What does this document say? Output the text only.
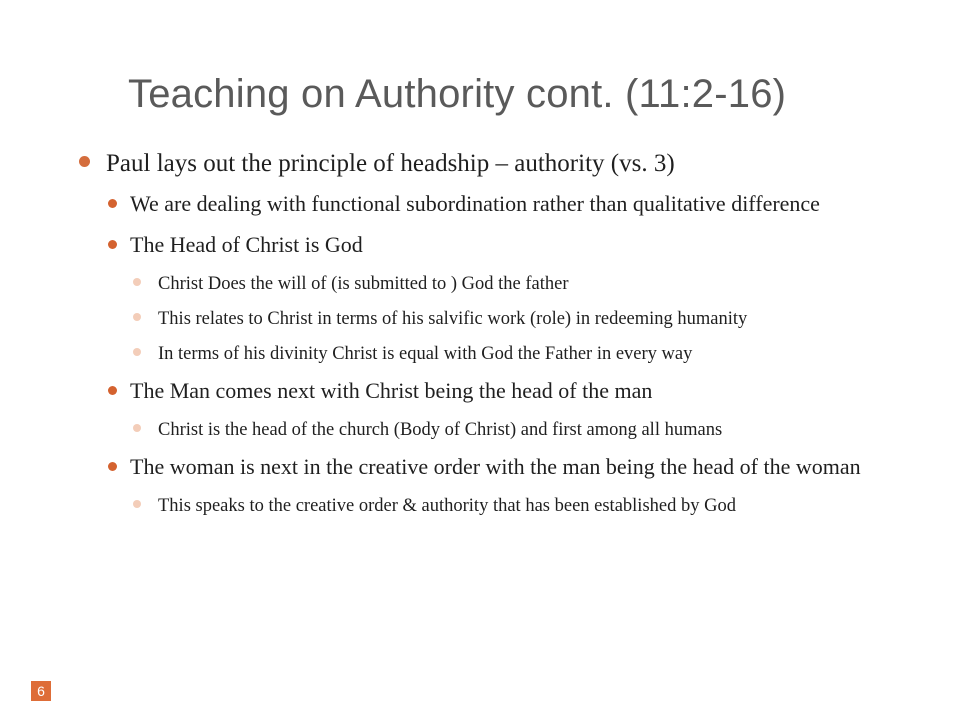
Teaching on Authority cont. (11:2-16)
Paul lays out the principle of headship – authority (vs. 3)
We are dealing with functional subordination rather than qualitative difference
The Head of Christ is God
Christ Does the will of (is submitted to ) God the father
This relates to Christ in terms of his salvific work (role) in redeeming humanity
In terms of his divinity Christ is equal with God the Father in every way
The Man comes next with Christ being the head of the man
Christ is the head of the church (Body of Christ) and first among all humans
The woman is next in the creative order with the man being the head of the woman
This speaks to the creative order & authority that has been established by God
6
